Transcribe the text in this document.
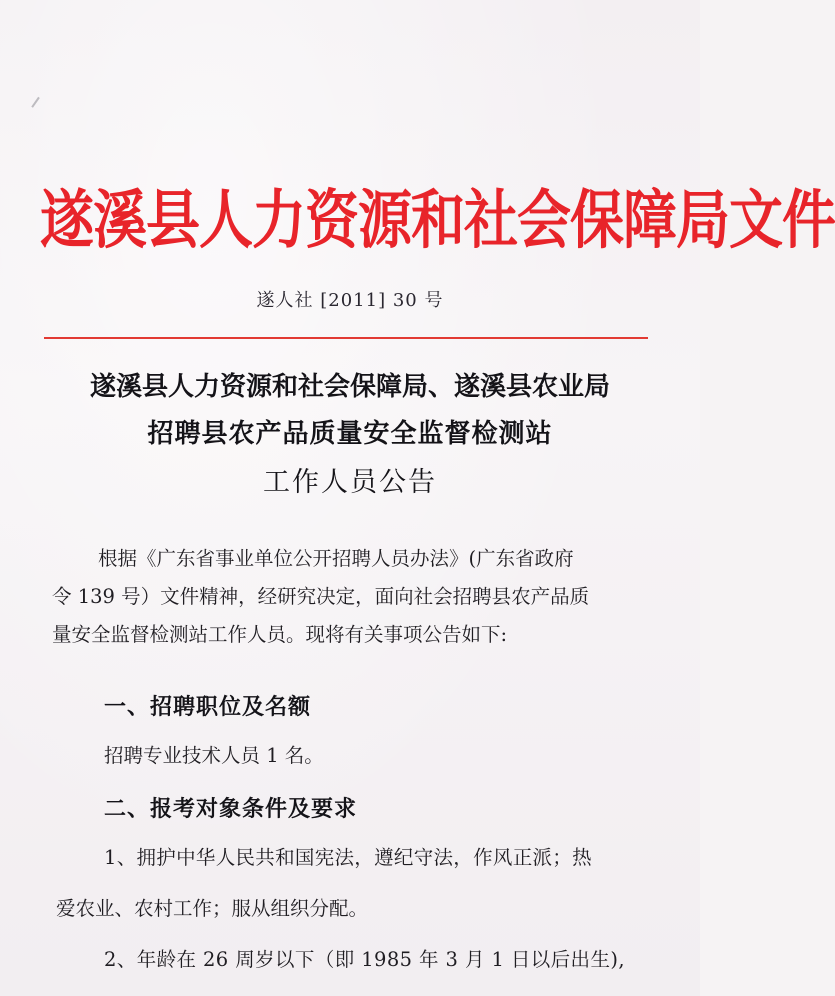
遂溪县人力资源和社会保障局文件
遂人社 [2011] 30 号
遂溪县人力资源和社会保障局、遂溪县农业局
招聘县农产品质量安全监督检测站
工作人员公告
根据《广东省事业单位公开招聘人员办法》(广东省政府
令 139 号）文件精神，经研究决定，面向社会招聘县农产品质
量安全监督检测站工作人员。现将有关事项公告如下:
一、招聘职位及名额
招聘专业技术人员 1 名。
二、报考对象条件及要求
1、拥护中华人民共和国宪法，遵纪守法，作风正派；热
爱农业、农村工作；服从组织分配。
2、年龄在 26 周岁以下（即 1985 年 3 月 1 日以后出生),
